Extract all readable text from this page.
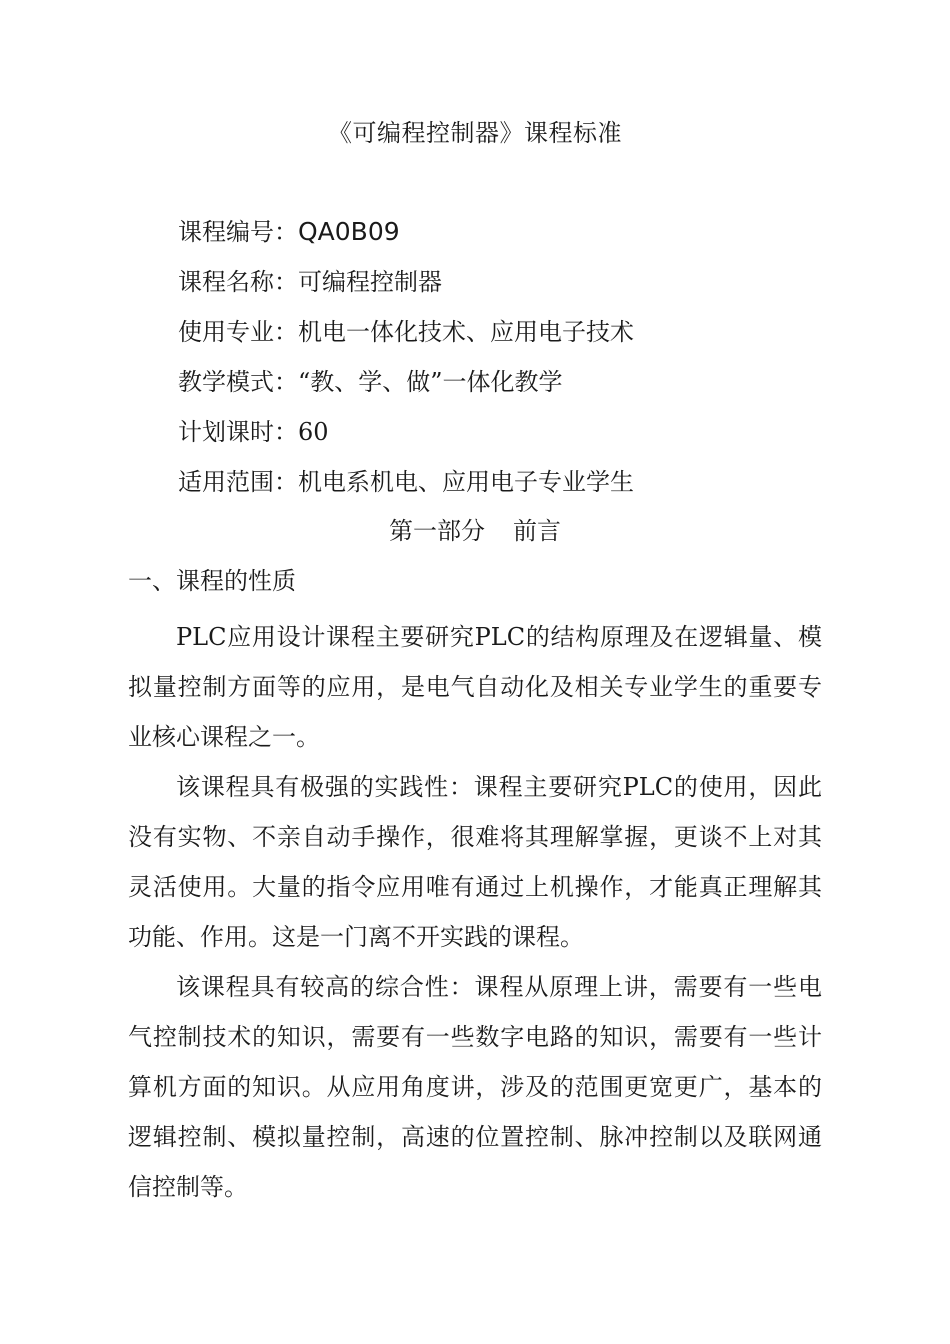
《可编程控制器》课程标准
课程编号：QA0B09
课程名称：可编程控制器
使用专业：机电一体化技术、应用电子技术
教学模式：“教、学、做”一体化教学
计划课时：60
适用范围：机电系机电、应用电子专业学生
第一部分 前言
一、课程的性质

PLC应用设计课程主要研究PLC的结构原理及在逻辑量、模拟量控制方面等的应用，是电气自动化及相关专业学生的重要专业核心课程之一。

该课程具有极强的实践性：课程主要研究PLC的使用，因此没有实物、不亲自动手操作，很难将其理解掌握，更谈不上对其灵活使用。大量的指令应用唯有通过上机操作，才能真正理解其功能、作用。这是一门离不开实践的课程。

该课程具有较高的综合性：课程从原理上讲，需要有一些电气控制技术的知识，需要有一些数字电路的知识，需要有一些计算机方面的知识。从应用角度讲，涉及的范围更宽更广，基本的逻辑控制、模拟量控制，高速的位置控制、脉冲控制以及联网通信控制等。
